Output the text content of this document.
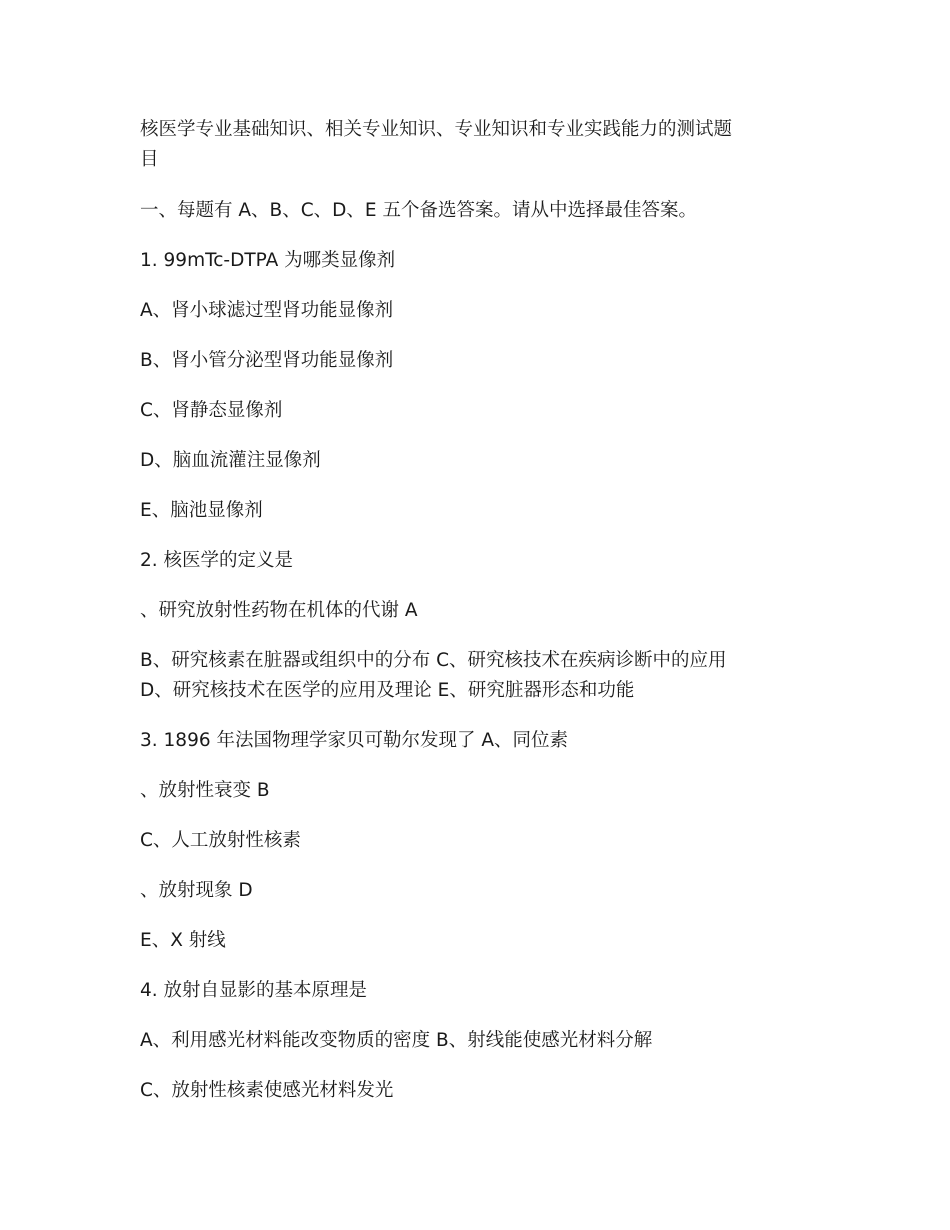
核医学专业基础知识、相关专业知识、专业知识和专业实践能力的测试题

目

一、每题有 A、B、C、D、E 五个备选答案。请从中选择最佳答案。

1. 99mTc-DTPA 为哪类显像剂

A、肾小球滤过型肾功能显像剂

B、肾小管分泌型肾功能显像剂

C、肾静态显像剂

D、脑血流灌注显像剂

E、脑池显像剂

2. 核医学的定义是

、研究放射性药物在机体的代谢 A

B、研究核素在脏器或组织中的分布 C、研究核技术在疾病诊断中的应用

D、研究核技术在医学的应用及理论 E、研究脏器形态和功能

3. 1896 年法国物理学家贝可勒尔发现了 A、同位素

、放射性衰变 B

C、人工放射性核素

、放射现象 D

E、X 射线

4. 放射自显影的基本原理是

A、利用感光材料能改变物质的密度 B、射线能使感光材料分解

C、放射性核素使感光材料发光
